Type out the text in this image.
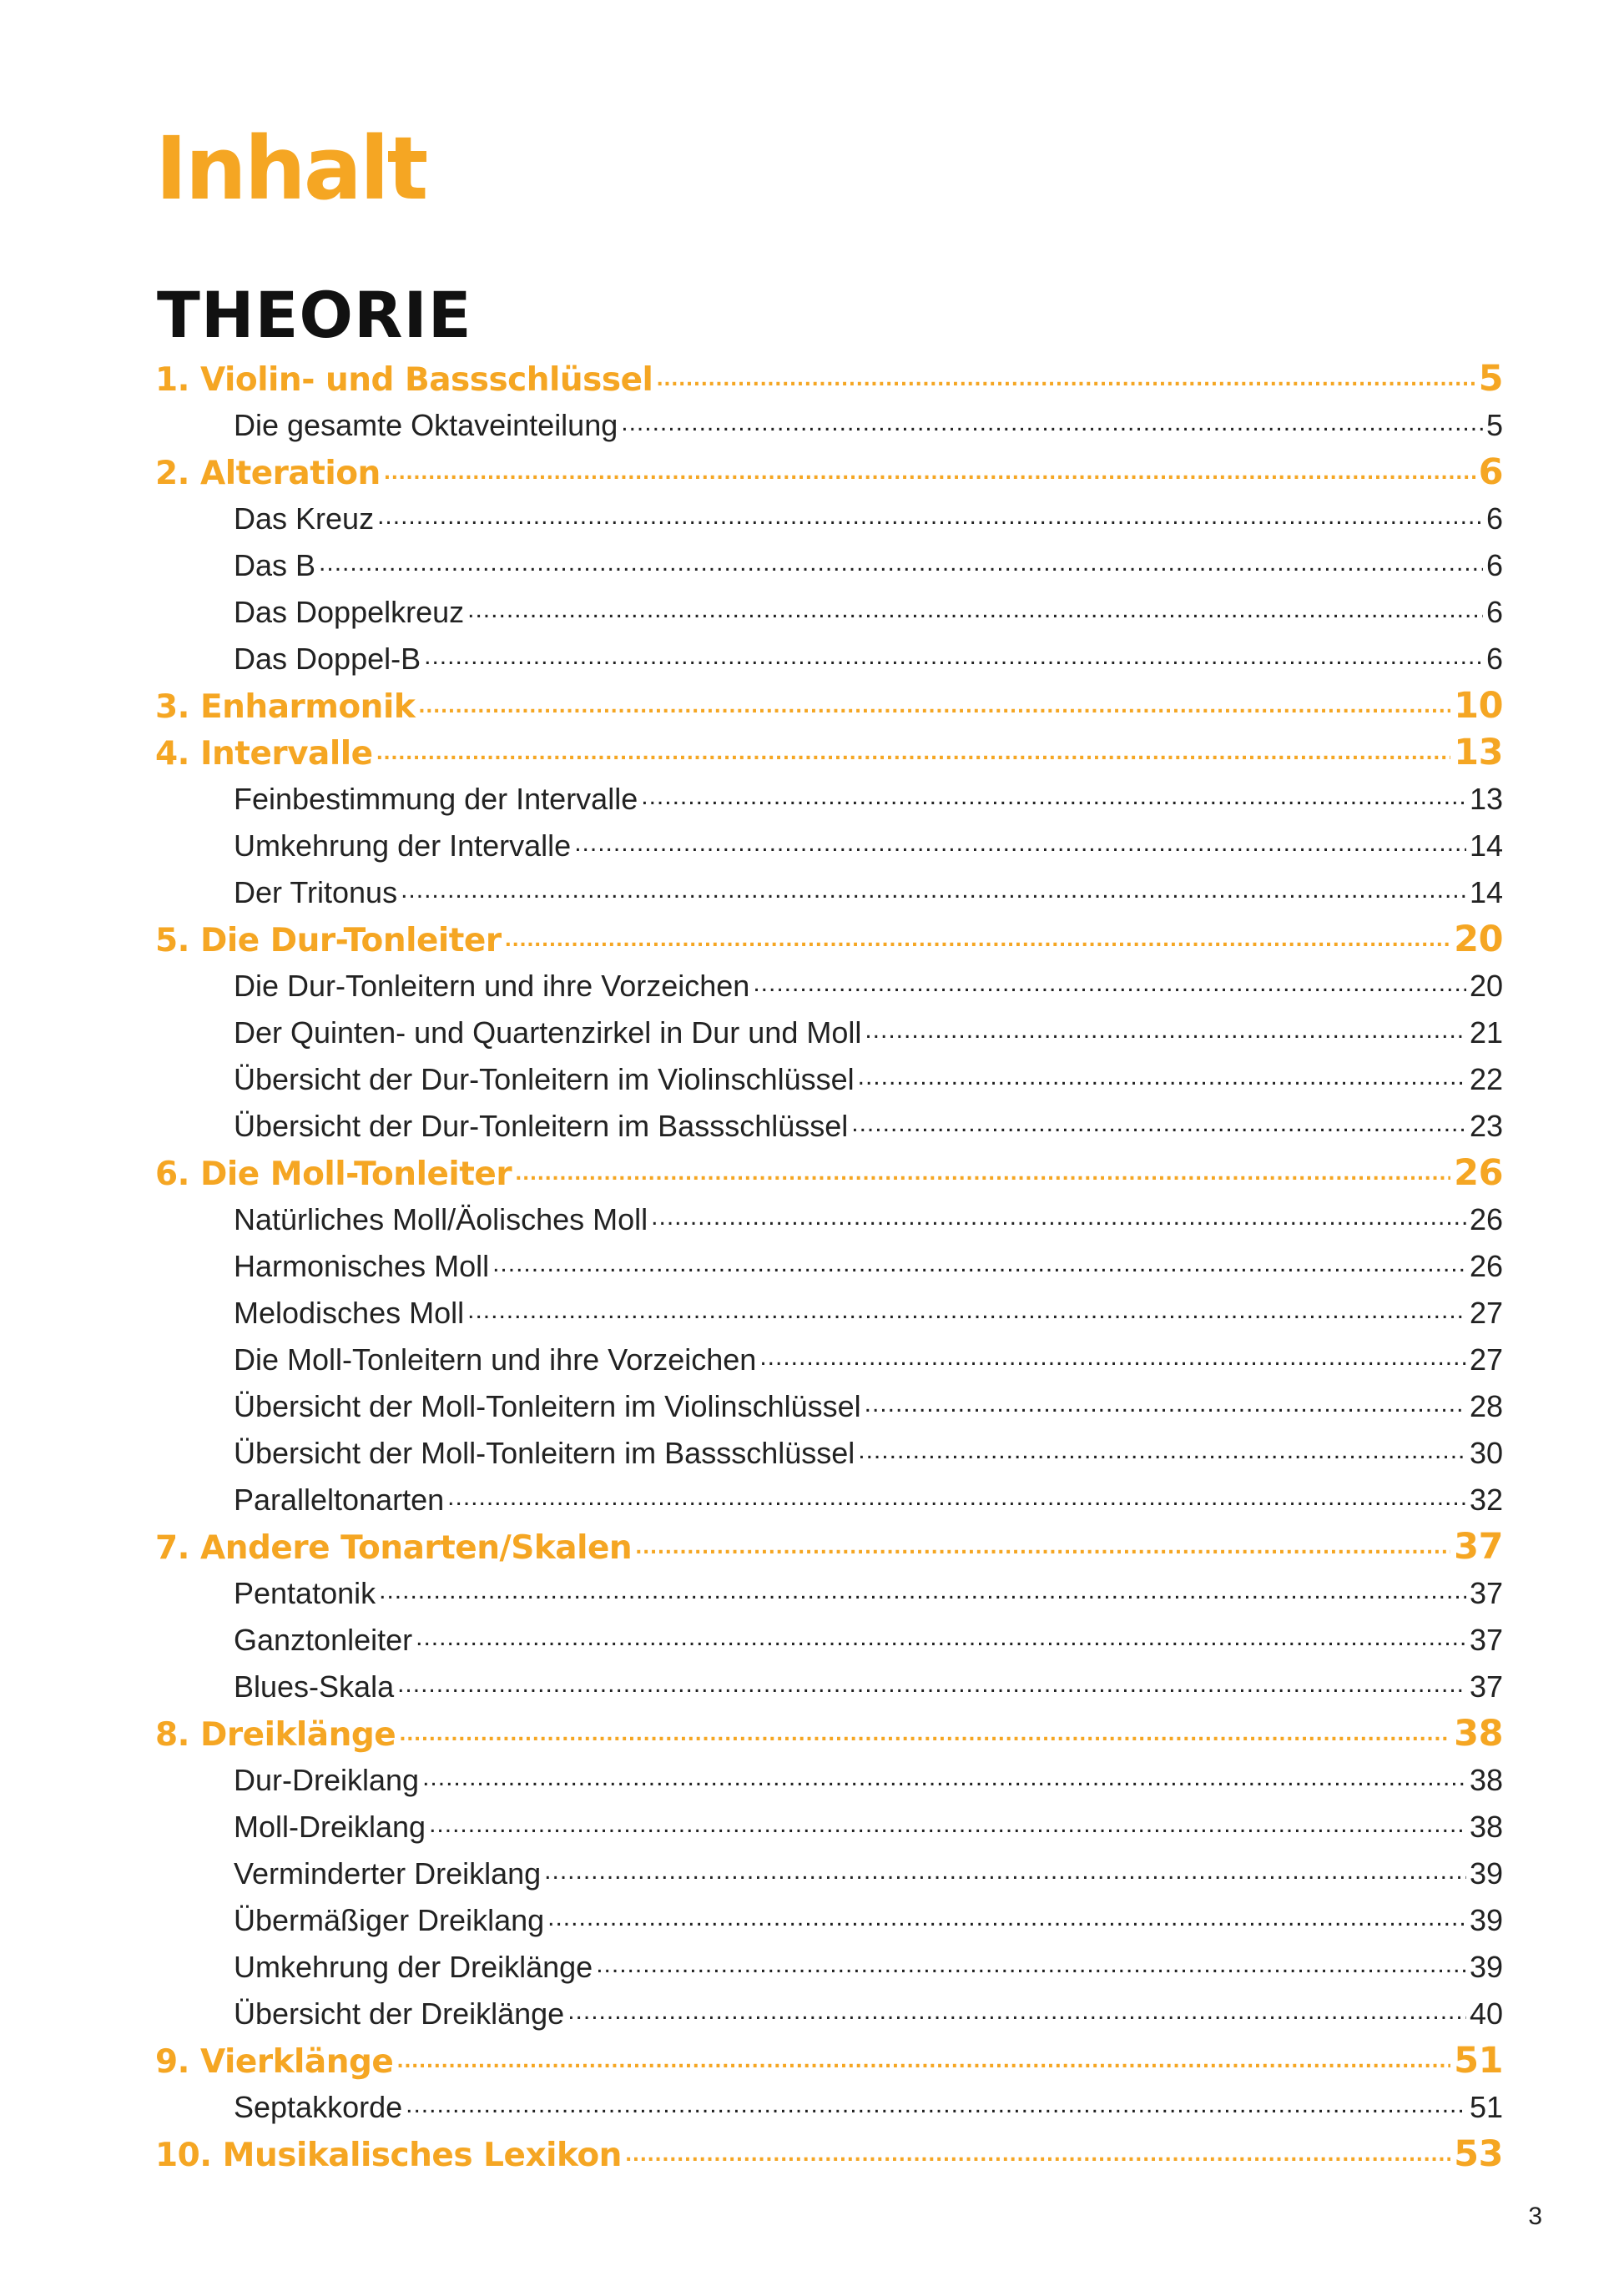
Inhalt
THEORIE
1. Violin- und Bassschlüssel .....	5
Die gesamte Oktaveinteilung .....	5
2. Alteration .....	6
Das Kreuz .....	6
Das B .....	6
Das Doppelkreuz .....	6
Das Doppel-B .....	6
3. Enharmonik .....	10
4. Intervalle .....	13
Feinbestimmung der Intervalle .....	13
Umkehrung der Intervalle .....	14
Der Tritonus .....	14
5. Die Dur-Tonleiter .....	20
Die Dur-Tonleitern und ihre Vorzeichen .....	20
Der Quinten- und Quartenzirkel in Dur und Moll .....	21
Übersicht der Dur-Tonleitern im Violinschlüssel .....	22
Übersicht der Dur-Tonleitern im Bassschlüssel .....	23
6. Die Moll-Tonleiter .....	26
Natürliches Moll/Äolisches Moll .....	26
Harmonisches Moll .....	26
Melodisches Moll .....	27
Die Moll-Tonleitern und ihre Vorzeichen .....	27
Übersicht der Moll-Tonleitern im Violinschlüssel .....	28
Übersicht der Moll-Tonleitern im Bassschlüssel .....	30
Paralleltonarten .....	32
7. Andere Tonarten/Skalen .....	37
Pentatonik .....	37
Ganztonleiter .....	37
Blues-Skala .....	37
8. Dreiklänge .....	38
Dur-Dreiklang .....	38
Moll-Dreiklang .....	38
Verminderter Dreiklang .....	39
Übermäßiger Dreiklang .....	39
Umkehrung der Dreiklänge .....	39
Übersicht der Dreiklänge .....	40
9. Vierklänge .....	51
Septakkorde .....	51
10. Musikalisches Lexikon .....	53
3
